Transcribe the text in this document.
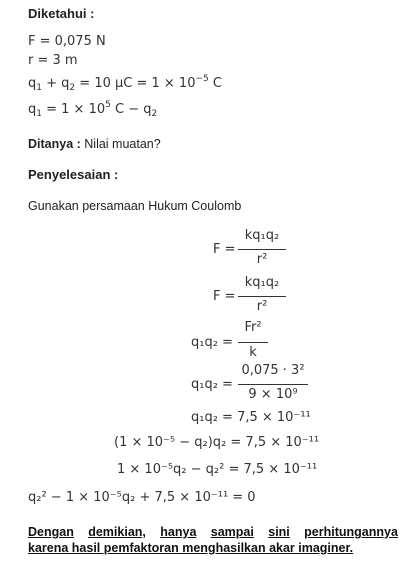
Diketahui :
F = 0,075 N
r = 3 m
$q_1 + q_2 = 10$ $\mu C = 1 \times 10^{-5}$ C
$q_1 = 1 \times 10^5$ $C - q_2$
Ditanya : Nilai muatan?
Penyelesaian :
Gunakan persamaan Hukum Coulomb
F =
kq₁q₂
r²
F =
kq₁q₂
r²
q₁q₂ =
Fr²
k
q₁q₂ =
0,075 · 3²
9 × 10⁹
q₁q₂ = 7,5 × 10⁻¹¹
(1 × 10⁻⁵ − q₂)q₂ = 7,5 × 10⁻¹¹
1 × 10⁻⁵q₂ − q₂² = 7,5 × 10⁻¹¹
q₂² − 1 × 10⁻⁵q₂ + 7,5 × 10⁻¹¹ = 0
Dengan demikian, hanya sampai sini perhitungannya
karena hasil pemfaktoran menghasilkan akar imaginer.
